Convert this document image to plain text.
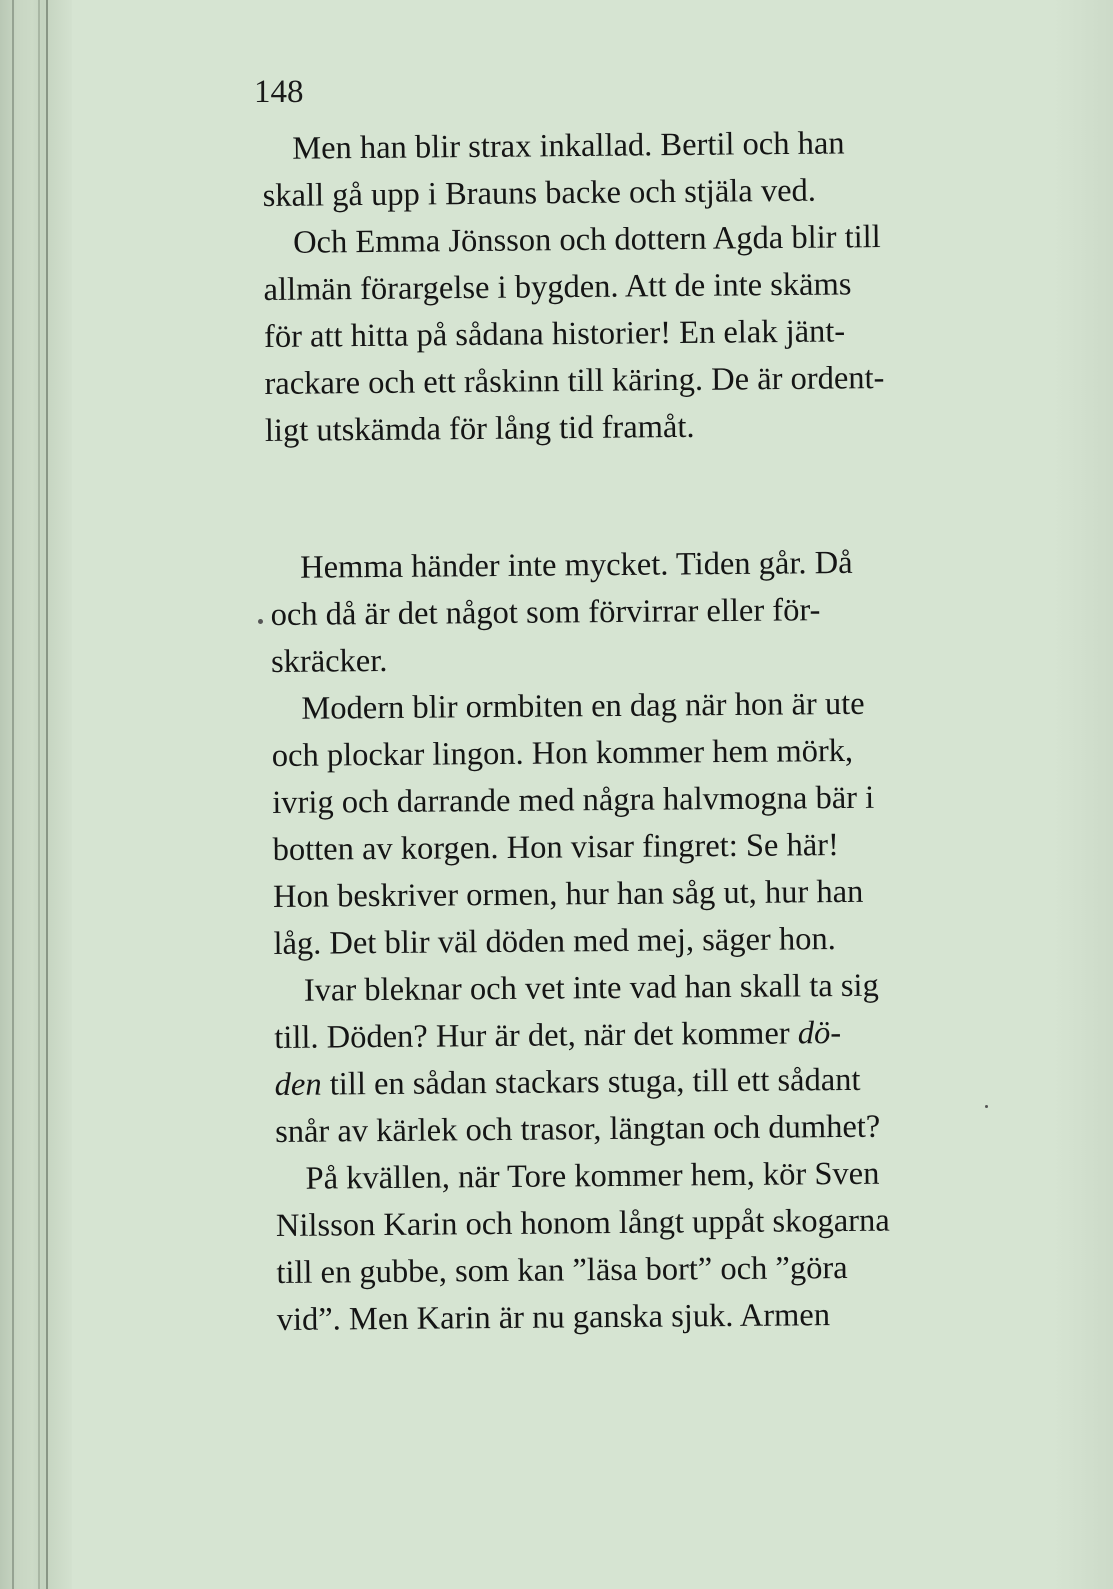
148
Men han blir strax inkallad. Bertil och han
skall gå upp i Brauns backe och stjäla ved.
Och Emma Jönsson och dottern Agda blir till
allmän förargelse i bygden. Att de inte skäms
för att hitta på sådana historier! En elak jänt-
rackare och ett råskinn till käring. De är ordent-
ligt utskämda för lång tid framåt.
Hemma händer inte mycket. Tiden går. Då
och då är det något som förvirrar eller för-
skräcker.
Modern blir ormbiten en dag när hon är ute
och plockar lingon. Hon kommer hem mörk,
ivrig och darrande med några halvmogna bär i
botten av korgen. Hon visar fingret: Se här!
Hon beskriver ormen, hur han såg ut, hur han
låg. Det blir väl döden med mej, säger hon.
Ivar bleknar och vet inte vad han skall ta sig
till. Döden? Hur är det, när det kommer dö-
den till en sådan stackars stuga, till ett sådant
snår av kärlek och trasor, längtan och dumhet?
På kvällen, när Tore kommer hem, kör Sven
Nilsson Karin och honom långt uppåt skogarna
till en gubbe, som kan ”läsa bort” och ”göra
vid”. Men Karin är nu ganska sjuk. Armen
